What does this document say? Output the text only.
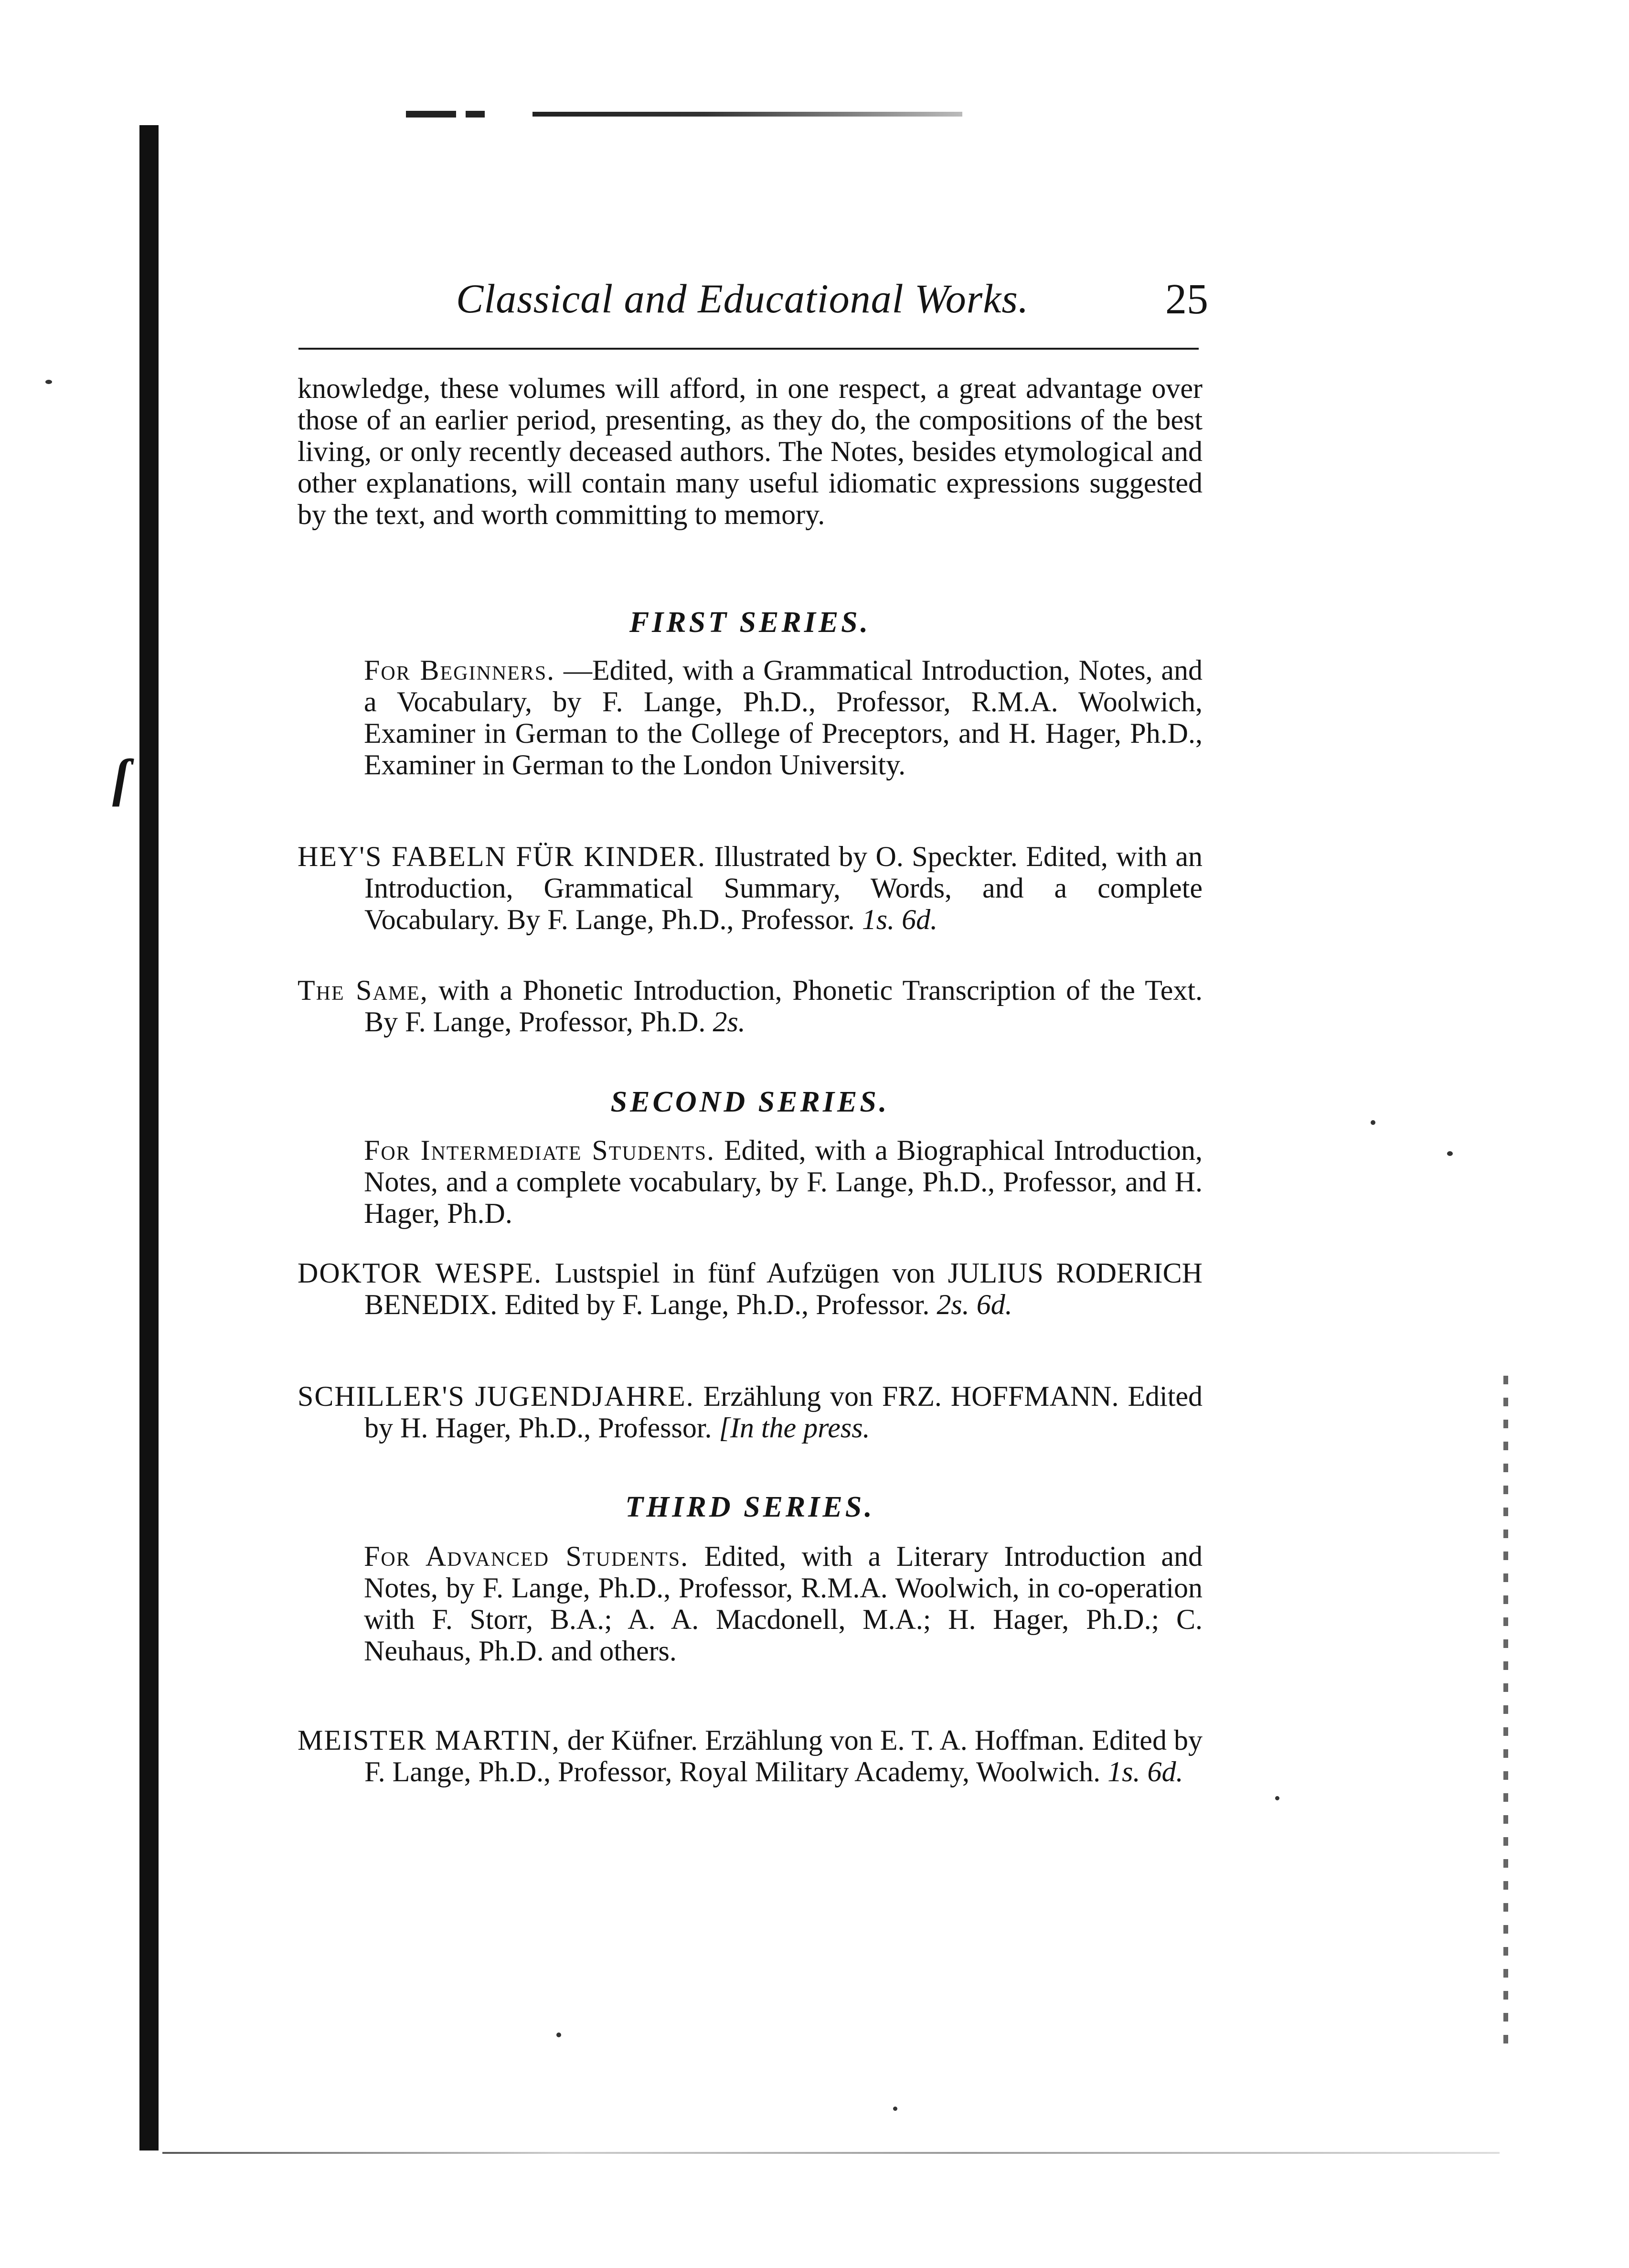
ſ
Classical and Educational Works.	25

knowledge, these volumes will afford, in one respect, a great advantage over those of an earlier period, presenting, as they do, the compositions of the best living, or only recently deceased authors. The Notes, besides etymological and other explanations, will contain many useful idiomatic expressions suggested by the text, and worth committing to memory.

FIRST SERIES.

For Beginners. —Edited, with a Grammatical Introduction, Notes, and a Vocabulary, by F. Lange, Ph.D., Professor, R.M.A. Woolwich, Examiner in German to the College of Preceptors, and H. Hager, Ph.D., Examiner in German to the London University.

HEY'S FABELN FÜR KINDER. Illustrated by O. Speckter. Edited, with an Introduction, Grammatical Summary, Words, and a complete Vocabulary. By F. Lange, Ph.D., Professor. 1s. 6d.

The Same, with a Phonetic Introduction, Phonetic Transcription of the Text. By F. Lange, Professor, Ph.D. 2s.

SECOND SERIES.

For Intermediate Students. Edited, with a Biographical Introduction, Notes, and a complete vocabulary, by F. Lange, Ph.D., Professor, and H. Hager, Ph.D.

DOKTOR WESPE. Lustspiel in fünf Aufzügen von JULIUS RODERICH BENEDIX. Edited by F. Lange, Ph.D., Professor. 2s. 6d.

SCHILLER'S JUGENDJAHRE. Erzählung von FRZ. HOFFMANN. Edited by H. Hager, Ph.D., Professor. [In the press.

THIRD SERIES.

For Advanced Students. Edited, with a Literary Introduction and Notes, by F. Lange, Ph.D., Professor, R.M.A. Woolwich, in co-operation with F. Storr, B.A.; A. A. Macdonell, M.A.; H. Hager, Ph.D.; C. Neuhaus, Ph.D. and others.

MEISTER MARTIN, der Küfner. Erzählung von E. T. A. Hoffman. Edited by F. Lange, Ph.D., Professor, Royal Military Academy, Woolwich. 1s. 6d.
